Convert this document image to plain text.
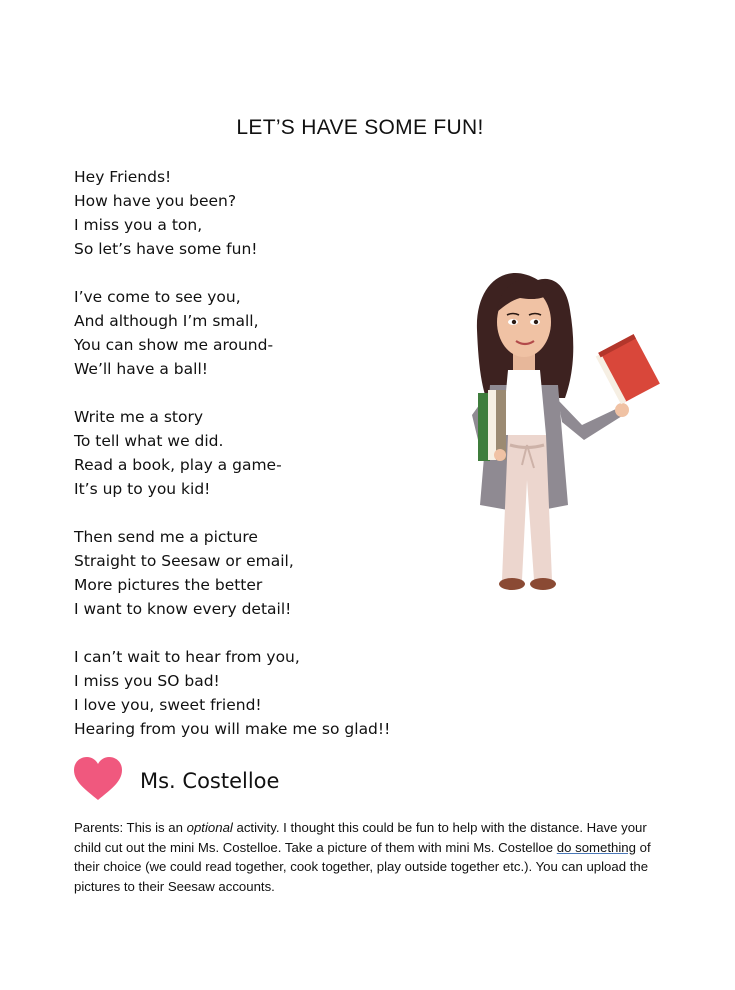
LET’S HAVE SOME FUN!
Hey Friends!
How have you been?
I miss you a ton,
So let’s have some fun!
I’ve come to see you,
And although I’m small,
You can show me around-
We’ll have a ball!
Write me a story
To tell what we did.
Read a book, play a game-
It’s up to you kid!
Then send me a picture
Straight to Seesaw or email,
More pictures the better
I want to know every detail!
I can’t wait to hear from you,
I miss you SO bad!
I love you, sweet friend!
Hearing from you will make me so glad!!
Ms. Costelloe
Parents: This is an optional activity. I thought this could be fun to help with the distance. Have your child cut out the mini Ms. Costelloe. Take a picture of them with mini Ms. Costelloe do something of their choice (we could read together, cook together, play outside together etc.). You can upload the pictures to their Seesaw accounts.
